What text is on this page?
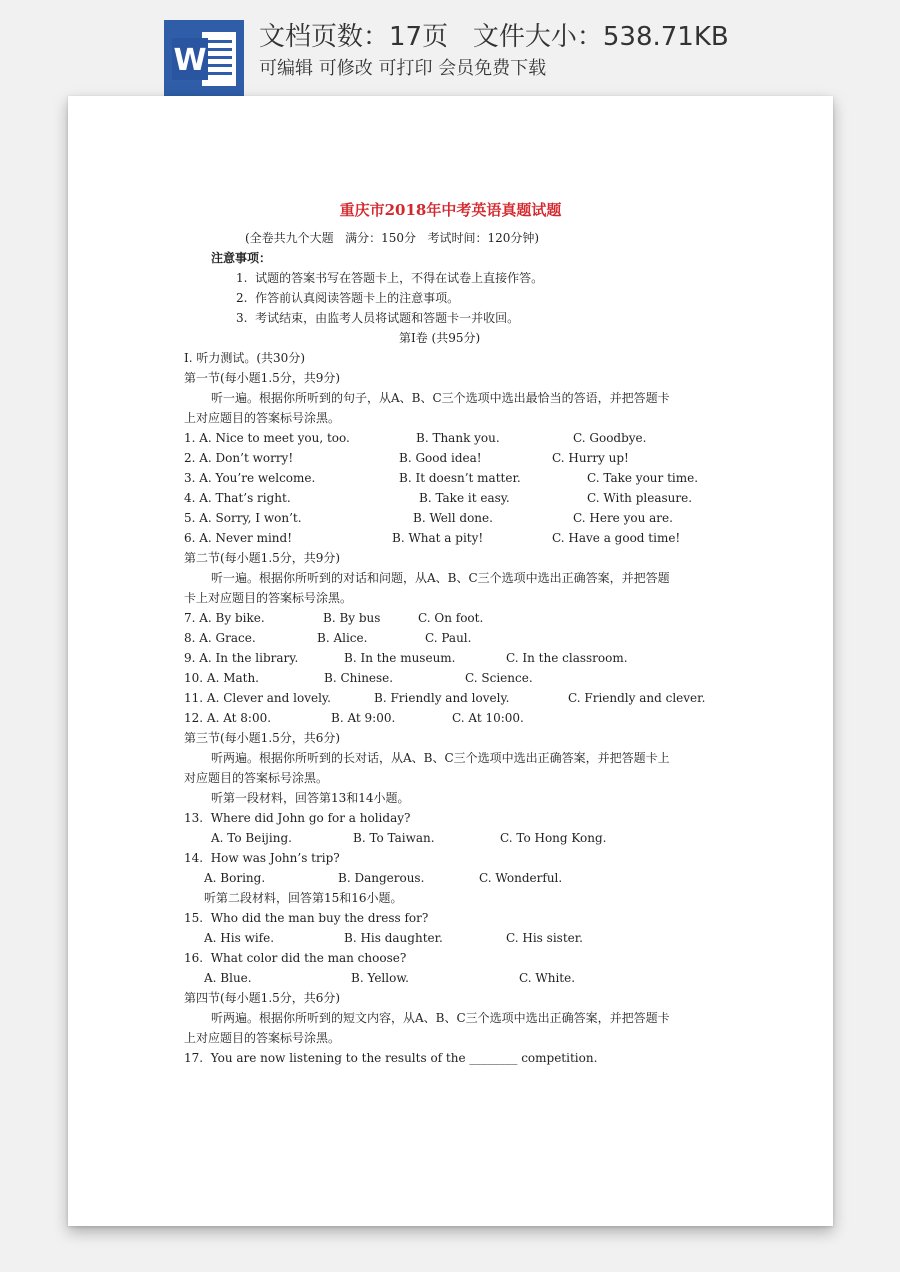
W
文档页数：17页   文件大小：538.71KB
可编辑 可修改 可打印 会员免费下载
重庆市2018年中考英语真题试题
(全卷共九个大题   满分：150分   考试时间：120分钟)
注意事项：
1.  试题的答案书写在答题卡上，不得在试卷上直接作答。
2.  作答前认真阅读答题卡上的注意事项。
3.  考试结束，由监考人员将试题和答题卡一并收回。
第Ⅰ卷 (共95分)
I. 听力测试。(共30分)
第一节(每小题1.5分，共9分)
听一遍。根据你所听到的句子，从A、B、C三个选项中选出最恰当的答语，并把答题卡
上对应题目的答案标号涂黑。
1. A. Nice to meet you, too.	B. Thank you.	C. Goodbye.
2. A. Don’t worry!	B. Good idea!	C. Hurry up!
3. A. You’re welcome.	B. It doesn’t matter.	C. Take your time.
4. A. That’s right.	B. Take it easy.	C. With pleasure.
5. A. Sorry, I won’t.	B. Well done.	C. Here you are.
6. A. Never mind!	B. What a pity!	C. Have a good time!
第二节(每小题1.5分，共9分)
听一遍。根据你所听到的对话和问题，从A、B、C三个选项中选出正确答案，并把答题
卡上对应题目的答案标号涂黑。
7. A. By bike.	B. By bus	C. On foot.
8. A. Grace.	B. Alice.	C. Paul.
9. A. In the library.	B. In the museum.	C. In the classroom.
10. A. Math.	B. Chinese.	C. Science.
11. A. Clever and lovely.	B. Friendly and lovely.	C. Friendly and clever.
12. A. At 8:00.	B. At 9:00.	C. At 10:00.
第三节(每小题1.5分，共6分)
听两遍。根据你所听到的长对话，从A、B、C三个选项中选出正确答案，并把答题卡上
对应题目的答案标号涂黑。
听第一段材料，回答第13和14小题。
13.  Where did John go for a holiday?
A. To Beijing.	B. To Taiwan.	C. To Hong Kong.
14.  How was John’s trip?
A. Boring.	B. Dangerous.	C. Wonderful.
听第二段材料，回答第15和16小题。
15.  Who did the man buy the dress for?
A. His wife.	B. His daughter.	C. His sister.
16.  What color did the man choose?
A. Blue.	B. Yellow.	C. White.
第四节(每小题1.5分，共6分)
听两遍。根据你所听到的短文内容，从A、B、C三个选项中选出正确答案，并把答题卡
上对应题目的答案标号涂黑。
17.  You are now listening to the results of the ________ competition.
